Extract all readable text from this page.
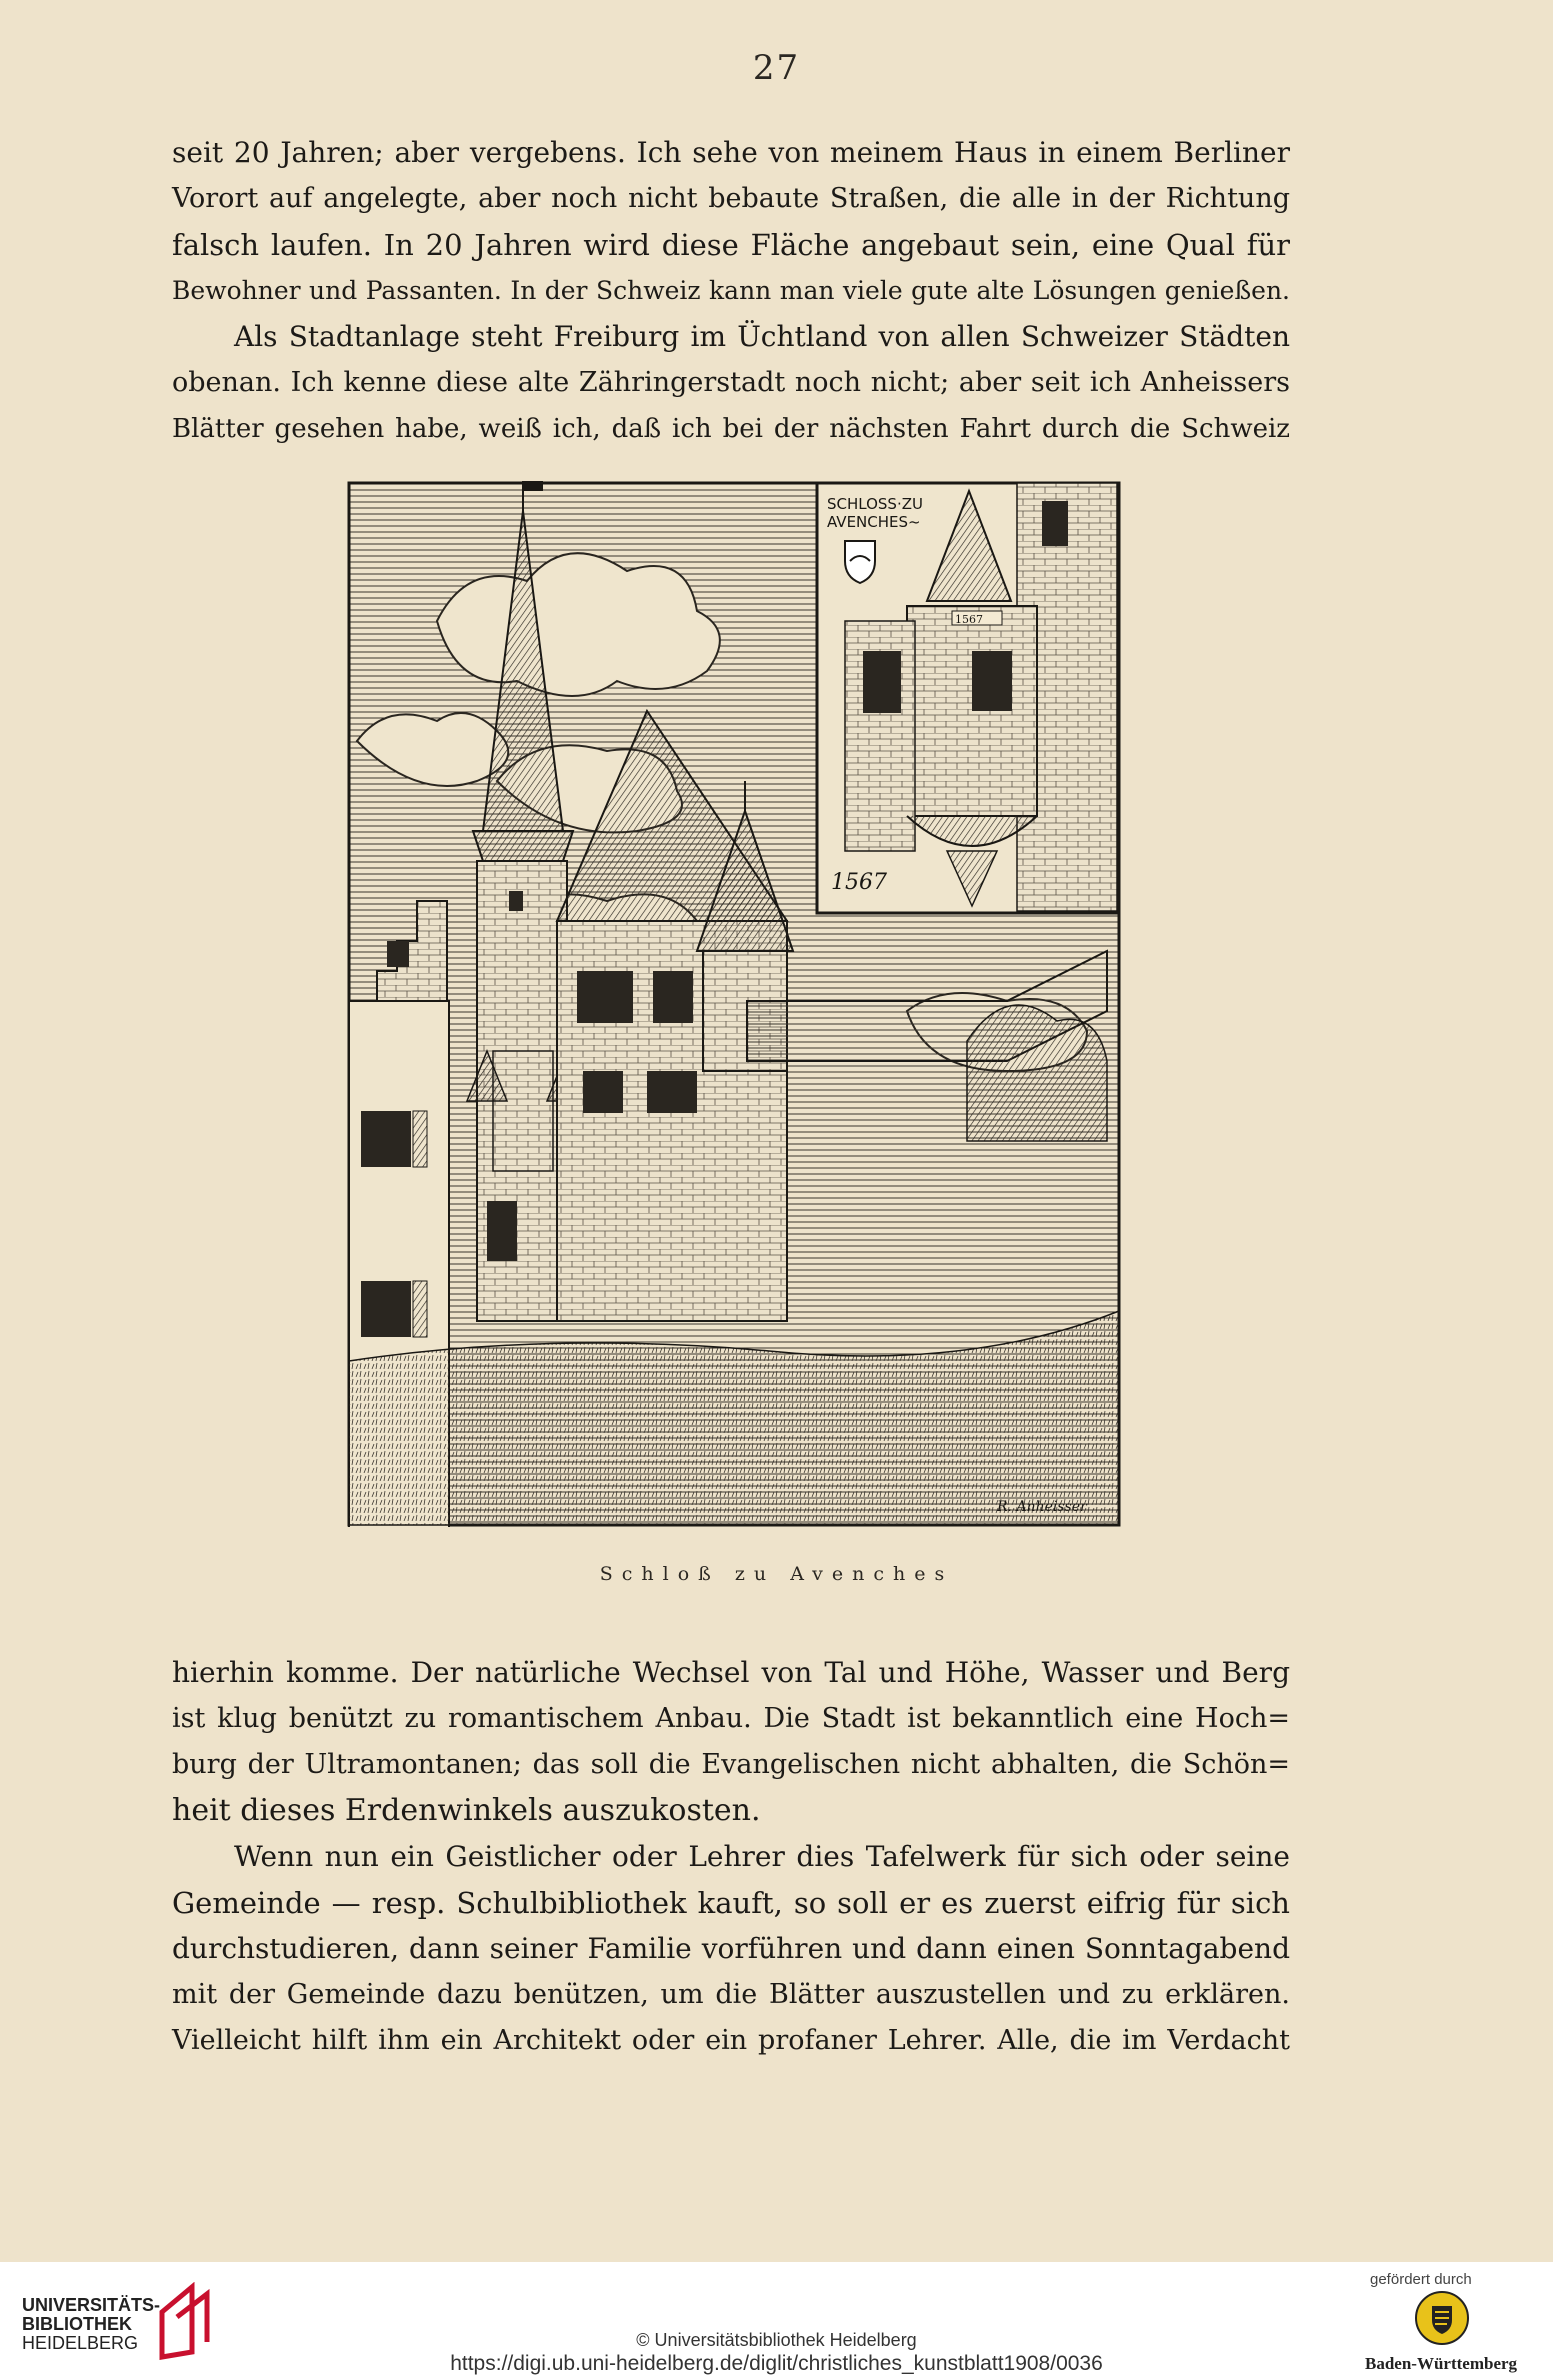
27
seit 20 Jahren; aber vergebens. Ich sehe von meinem Haus in einem Berliner
Vorort auf angelegte, aber noch nicht bebaute Straßen, die alle in der Richtung
falsch laufen. In 20 Jahren wird diese Fläche angebaut sein, eine Qual für
Bewohner und Passanten. In der Schweiz kann man viele gute alte Lösungen genießen.
Als Stadtanlage steht Freiburg im Üchtland von allen Schweizer Städten
obenan. Ich kenne diese alte Zähringerstadt noch nicht; aber seit ich Anheissers
Blätter gesehen habe, weiß ich, daß ich bei der nächsten Fahrt durch die Schweiz
SCHLOSS·ZU
AVENCHES~
1567
1567
R. Anheisser
Schloß zu Avenches
hierhin komme. Der natürliche Wechsel von Tal und Höhe, Wasser und Berg
ist klug benützt zu romantischem Anbau. Die Stadt ist bekanntlich eine Hoch=
burg der Ultramontanen; das soll die Evangelischen nicht abhalten, die Schön=
heit dieses Erdenwinkels auszukosten.
Wenn nun ein Geistlicher oder Lehrer dies Tafelwerk für sich oder seine
Gemeinde — resp. Schulbibliothek kauft, so soll er es zuerst eifrig für sich
durchstudieren, dann seiner Familie vorführen und dann einen Sonntagabend
mit der Gemeinde dazu benützen, um die Blätter auszustellen und zu erklären.
Vielleicht hilft ihm ein Architekt oder ein profaner Lehrer. Alle, die im Verdacht
UNIVERSITÄTS-
BIBLIOTHEK
HEIDELBERG	© Universitätsbibliothek Heidelberg
https://digi.ub.uni-heidelberg.de/diglit/christliches_kunstblatt1908/0036
gefördert durch
Baden-Württemberg
